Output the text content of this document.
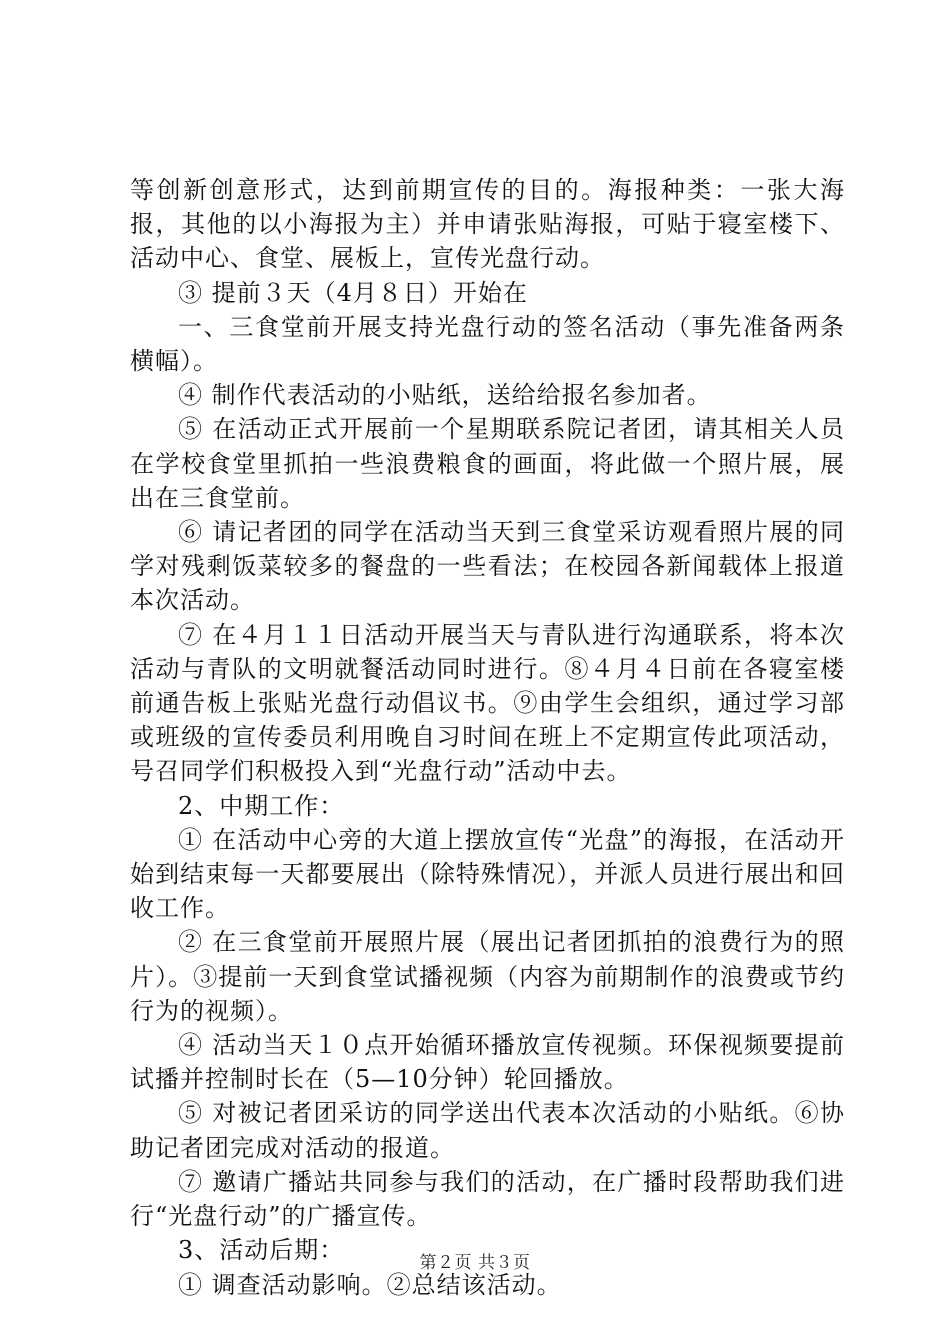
等创新创意形式，达到前期宣传的目的。海报种类：一张大海报，其他的以小海报为主）并申请张贴海报，可贴于寝室楼下、活动中心、食堂、展板上，宣传光盘行动。

③ 提前３天（4月８日）开始在

一、三食堂前开展支持光盘行动的签名活动（事先准备两条横幅）。

④ 制作代表活动的小贴纸，送给给报名参加者。

⑤ 在活动正式开展前一个星期联系院记者团，请其相关人员在学校食堂里抓拍一些浪费粮食的画面，将此做一个照片展，展出在三食堂前。

⑥ 请记者团的同学在活动当天到三食堂采访观看照片展的同学对残剩饭菜较多的餐盘的一些看法；在校园各新闻载体上报道本次活动。

⑦ 在４月１１日活动开展当天与青队进行沟通联系，将本次活动与青队的文明就餐活动同时进行。⑧４月４日前在各寝室楼前通告板上张贴光盘行动倡议书。⑨由学生会组织，通过学习部或班级的宣传委员利用晚自习时间在班上不定期宣传此项活动，号召同学们积极投入到“光盘行动”活动中去。

2、中期工作：

① 在活动中心旁的大道上摆放宣传“光盘”的海报，在活动开始到结束每一天都要展出（除特殊情况），并派人员进行展出和回收工作。

② 在三食堂前开展照片展（展出记者团抓拍的浪费行为的照片）。③提前一天到食堂试播视频（内容为前期制作的浪费或节约行为的视频）。

④ 活动当天１０点开始循环播放宣传视频。环保视频要提前试播并控制时长在（5—10分钟）轮回播放。

⑤ 对被记者团采访的同学送出代表本次活动的小贴纸。⑥协助记者团完成对活动的报道。

⑦ 邀请广播站共同参与我们的活动，在广播时段帮助我们进行“光盘行动”的广播宣传。

3、活动后期：

① 调查活动影响。②总结该活动。

第２页 共３页
